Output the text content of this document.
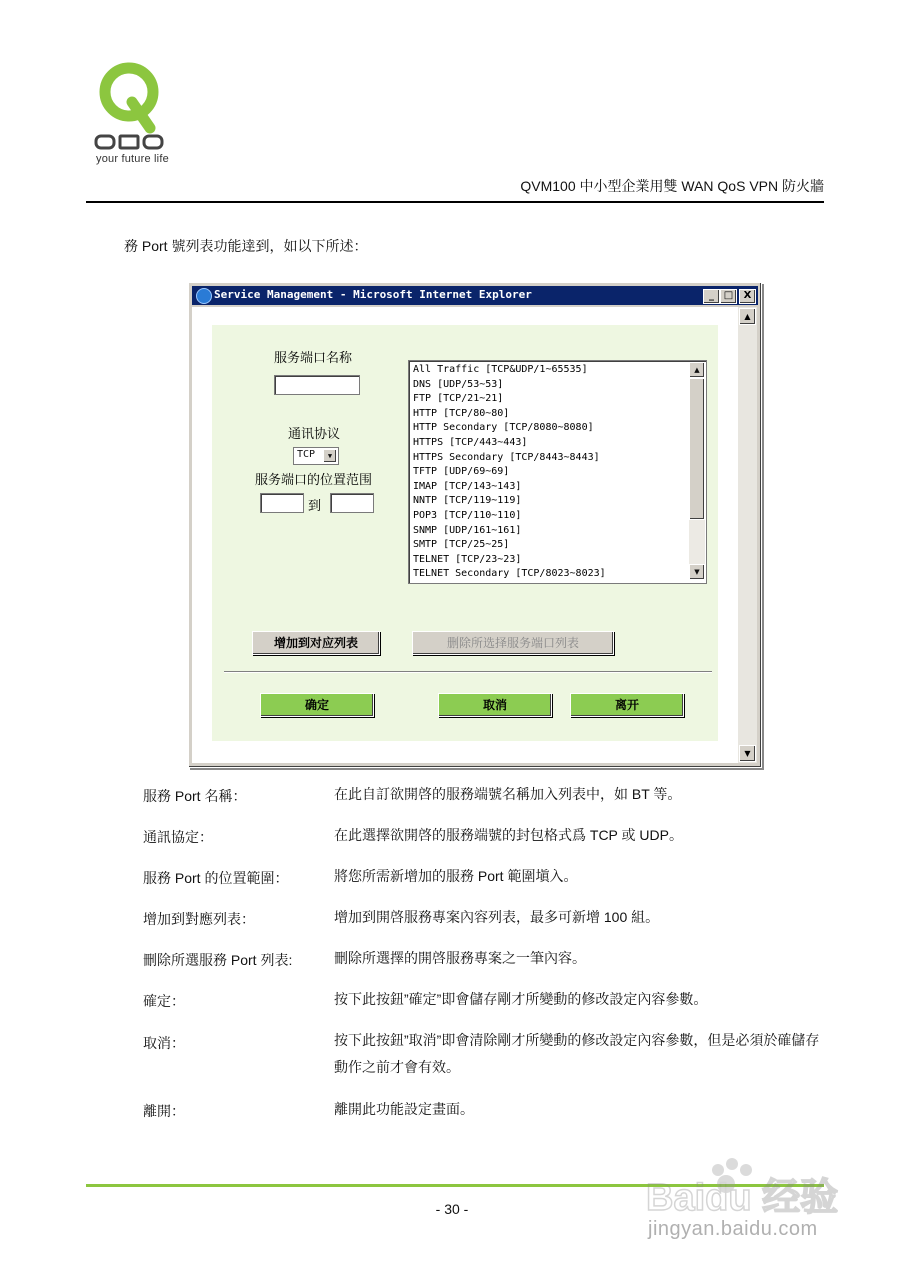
your future life
QVM100 中小型企業用雙 WAN QoS VPN 防火牆
務 Port 號列表功能達到，如以下所述：
Service Management - Microsoft Internet Explorer	_ □	X
服务端口名称
通讯协议
TCP	▼
服务端口的位置范围
到
All Traffic [TCP&UDP/1~65535]
DNS [UDP/53~53]
FTP [TCP/21~21]
HTTP [TCP/80~80]
HTTP Secondary [TCP/8080~8080]
HTTPS [TCP/443~443]
HTTPS Secondary [TCP/8443~8443]
TFTP [UDP/69~69]
IMAP [TCP/143~143]
NNTP [TCP/119~119]
POP3 [TCP/110~110]
SNMP [UDP/161~161]
SMTP [TCP/25~25]
TELNET [TCP/23~23]
TELNET Secondary [TCP/8023~8023]
▲
▼
增加到对应列表	删除所选择服务端口列表
确定	取消	离开
▲
▼
服務 Port 名稱：	在此自訂欲開啓的服務端號名稱加入列表中，如 BT 等。
通訊協定：	在此選擇欲開啓的服務端號的封包格式爲 TCP 或 UDP。
服務 Port 的位置範圍：	將您所需新增加的服務 Port 範圍塡入。
增加到對應列表：	增加到開啓服務專案內容列表，最多可新增 100 組。
刪除所選服務 Port 列表:	刪除所選擇的開啓服務專案之一筆內容。
確定：	按下此按鈕”確定”即會儲存剛才所變動的修改設定內容參數。
取消：	按下此按鈕”取消”即會清除剛才所變動的修改設定內容參數，但是必須於確儲存動作之前才會有效。
離開：	離開此功能設定畫面。
- 30 -	Baidu 经验
jingyan.baidu.com
